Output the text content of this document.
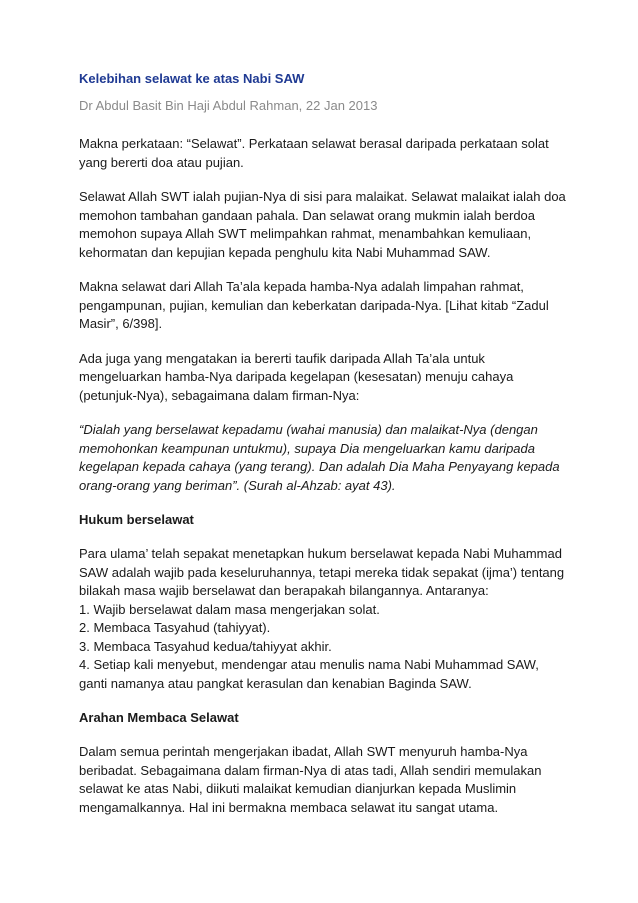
Kelebihan selawat ke atas Nabi SAW
Dr Abdul Basit Bin Haji Abdul Rahman, 22 Jan 2013

Makna perkataan: “Selawat”. Perkataan selawat berasal daripada perkataan solat yang bererti doa atau pujian.

Selawat Allah SWT ialah pujian-Nya di sisi para malaikat. Selawat malaikat ialah doa memohon tambahan gandaan pahala. Dan selawat orang mukmin ialah berdoa memohon supaya Allah SWT melimpahkan rahmat, menambahkan kemuliaan, kehormatan dan kepujian kepada penghulu kita Nabi Muhammad SAW.

Makna selawat dari Allah Ta’ala kepada hamba-Nya adalah limpahan rahmat, pengampunan, pujian, kemulian dan keberkatan daripada-Nya. [Lihat kitab “Zadul Masir”, 6/398].

Ada juga yang mengatakan ia bererti taufik daripada Allah Ta’ala untuk mengeluarkan hamba-Nya daripada kegelapan (kesesatan) menuju cahaya (petunjuk-Nya), sebagaimana dalam firman-Nya:

“Dialah yang berselawat kepadamu (wahai manusia) dan malaikat-Nya (dengan memohonkan keampunan untukmu), supaya Dia mengeluarkan kamu daripada kegelapan kepada cahaya (yang terang). Dan adalah Dia Maha Penyayang kepada orang-orang yang beriman”. (Surah al-Ahzab: ayat 43).

Hukum berselawat

Para ulama’ telah sepakat menetapkan hukum berselawat kepada Nabi Muhammad SAW adalah wajib pada keseluruhannya, tetapi mereka tidak sepakat (ijma’) tentang bilakah masa wajib berselawat dan berapakah bilangannya. Antaranya:
1. Wajib berselawat dalam masa mengerjakan solat.
2. Membaca Tasyahud (tahiyyat).
3. Membaca Tasyahud kedua/tahiyyat akhir.
4. Setiap kali menyebut, mendengar atau menulis nama Nabi Muhammad SAW, ganti namanya atau pangkat kerasulan dan kenabian Baginda SAW.

Arahan Membaca Selawat

Dalam semua perintah mengerjakan ibadat, Allah SWT menyuruh hamba-Nya beribadat. Sebagaimana dalam firman-Nya di atas tadi, Allah sendiri memulakan selawat ke atas Nabi, diikuti malaikat kemudian dianjurkan kepada Muslimin mengamalkannya. Hal ini bermakna membaca selawat itu sangat utama.
